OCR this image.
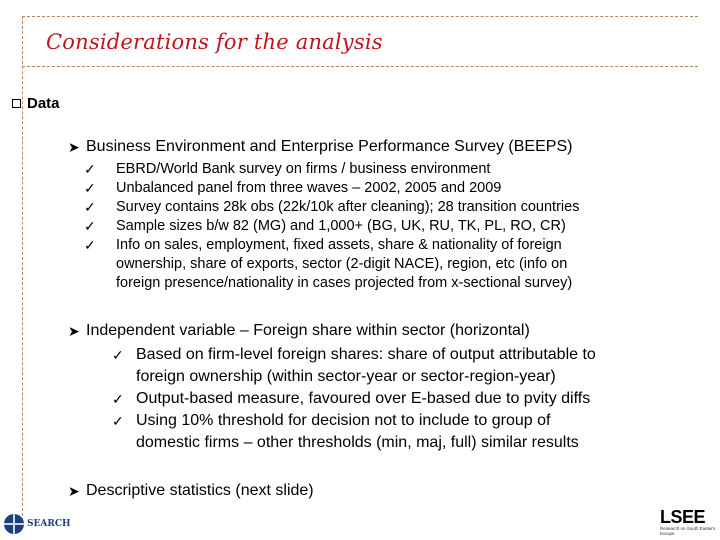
Considerations for the analysis
Data
➤ Business Environment and Enterprise Performance Survey (BEEPS)
✓	EBRD/World Bank survey on firms / business environment
✓	Unbalanced panel from three waves – 2002, 2005 and 2009
✓	Survey contains 28k obs (22k/10k after cleaning); 28 transition countries
✓	Sample sizes b/w 82 (MG) and 1,000+ (BG, UK, RU, TK, PL, RO, CR)
✓	Info on sales, employment, fixed assets, share & nationality of foreign
ownership, share of exports, sector (2-digit NACE), region, etc (info on
foreign presence/nationality in cases projected from x-sectional survey)
➤ Independent variable – Foreign share within sector (horizontal)
✓ Based on firm-level foreign shares: share of output attributable to
foreign ownership (within sector-year or sector-region-year)
✓ Output-based measure, favoured over E-based due to pvity diffs
✓ Using 10% threshold for decision not to include to group of
domestic firms – other thresholds (min, maj, full) similar results
➤ Descriptive statistics (next slide)
SEARCH	LSEE
Research on South Eastern Europe
